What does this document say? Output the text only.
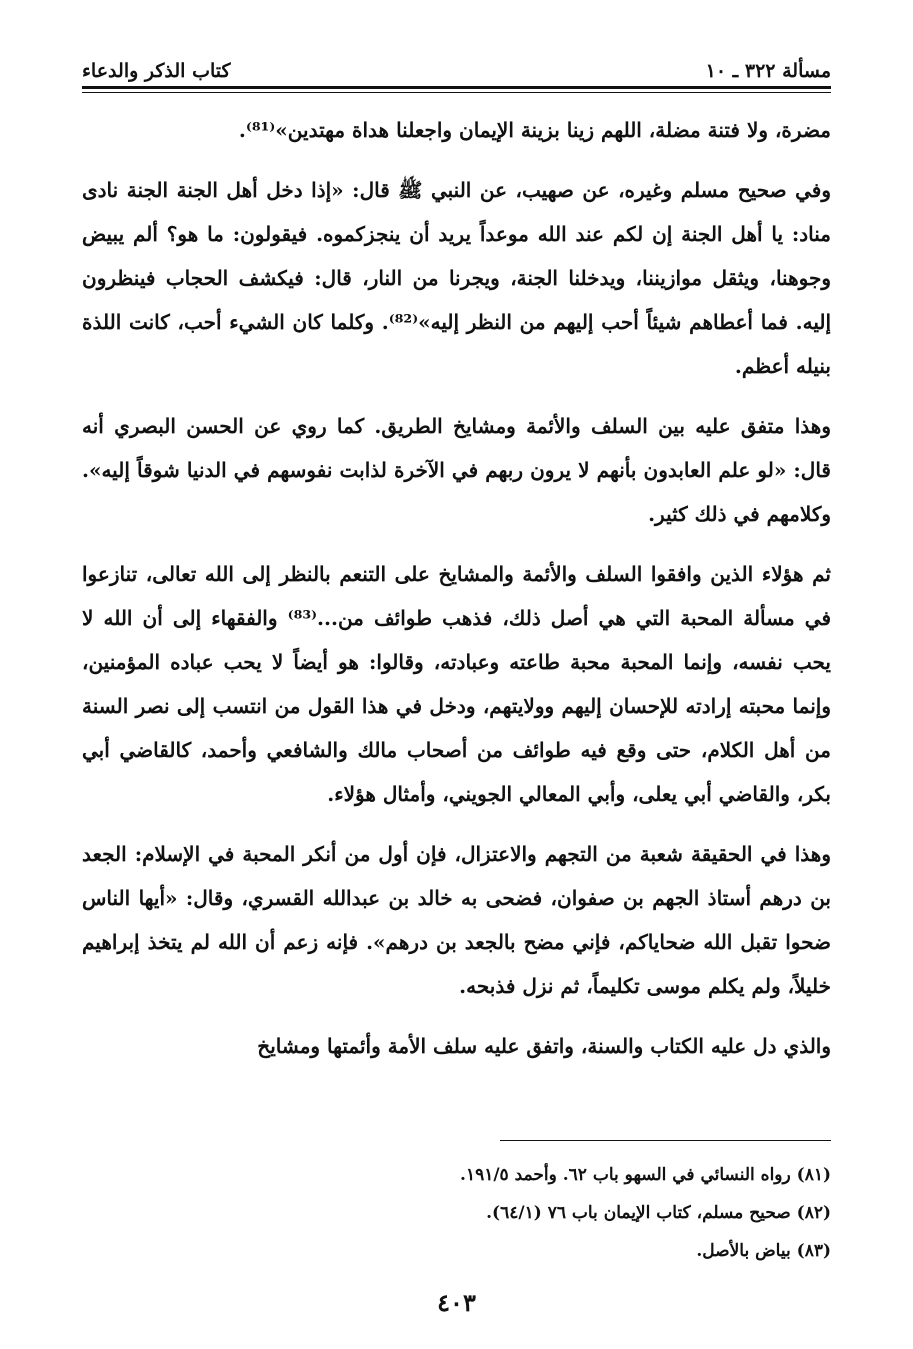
مسألة ٣٢٢ ـ ١٠
كتاب الذكر والدعاء

مضرة، ولا فتنة مضلة، اللهم زينا بزينة الإيمان واجعلنا هداة مهتدين»⁽⁸¹⁾.

وفي صحيح مسلم وغيره، عن صهيب، عن النبي ﷺ قال: «إذا دخل أهل الجنة الجنة نادى مناد: يا أهل الجنة إن لكم عند الله موعداً يريد أن ينجزكموه. فيقولون: ما هو؟ ألم يبيض وجوهنا، ويثقل موازيننا، ويدخلنا الجنة، ويجرنا من النار، قال: فيكشف الحجاب فينظرون إليه. فما أعطاهم شيئاً أحب إليهم من النظر إليه»⁽⁸²⁾. وكلما كان الشيء أحب، كانت اللذة بنيله أعظم.

وهذا متفق عليه بين السلف والأئمة ومشايخ الطريق. كما روي عن الحسن البصري أنه قال: «لو علم العابدون بأنهم لا يرون ربهم في الآخرة لذابت نفوسهم في الدنيا شوقاً إليه». وكلامهم في ذلك كثير.

ثم هؤلاء الذين وافقوا السلف والأئمة والمشايخ على التنعم بالنظر إلى الله تعالى، تنازعوا في مسألة المحبة التي هي أصل ذلك، فذهب طوائف من...⁽⁸³⁾ والفقهاء إلى أن الله لا يحب نفسه، وإنما المحبة محبة طاعته وعبادته، وقالوا: هو أيضاً لا يحب عباده المؤمنين، وإنما محبته إرادته للإحسان إليهم وولايتهم، ودخل في هذا القول من انتسب إلى نصر السنة من أهل الكلام، حتى وقع فيه طوائف من أصحاب مالك والشافعي وأحمد، كالقاضي أبي بكر، والقاضي أبي يعلى، وأبي المعالي الجويني، وأمثال هؤلاء.

وهذا في الحقيقة شعبة من التجهم والاعتزال، فإن أول من أنكر المحبة في الإسلام: الجعد بن درهم أستاذ الجهم بن صفوان، فضحى به خالد بن عبدالله القسري، وقال: «أيها الناس ضحوا تقبل الله ضحاياكم، فإني مضح بالجعد بن درهم». فإنه زعم أن الله لم يتخذ إبراهيم خليلاً، ولم يكلم موسى تكليماً، ثم نزل فذبحه.

والذي دل عليه الكتاب والسنة، واتفق عليه سلف الأمة وأئمتها ومشايخ

(٨١) رواه النسائي في السهو باب ٦٢. وأحمد ١٩١/٥.
(٨٢) صحيح مسلم، كتاب الإيمان باب ٧٦ (٦٤/١).
(٨٣) بياض بالأصل.
٤٠٣
